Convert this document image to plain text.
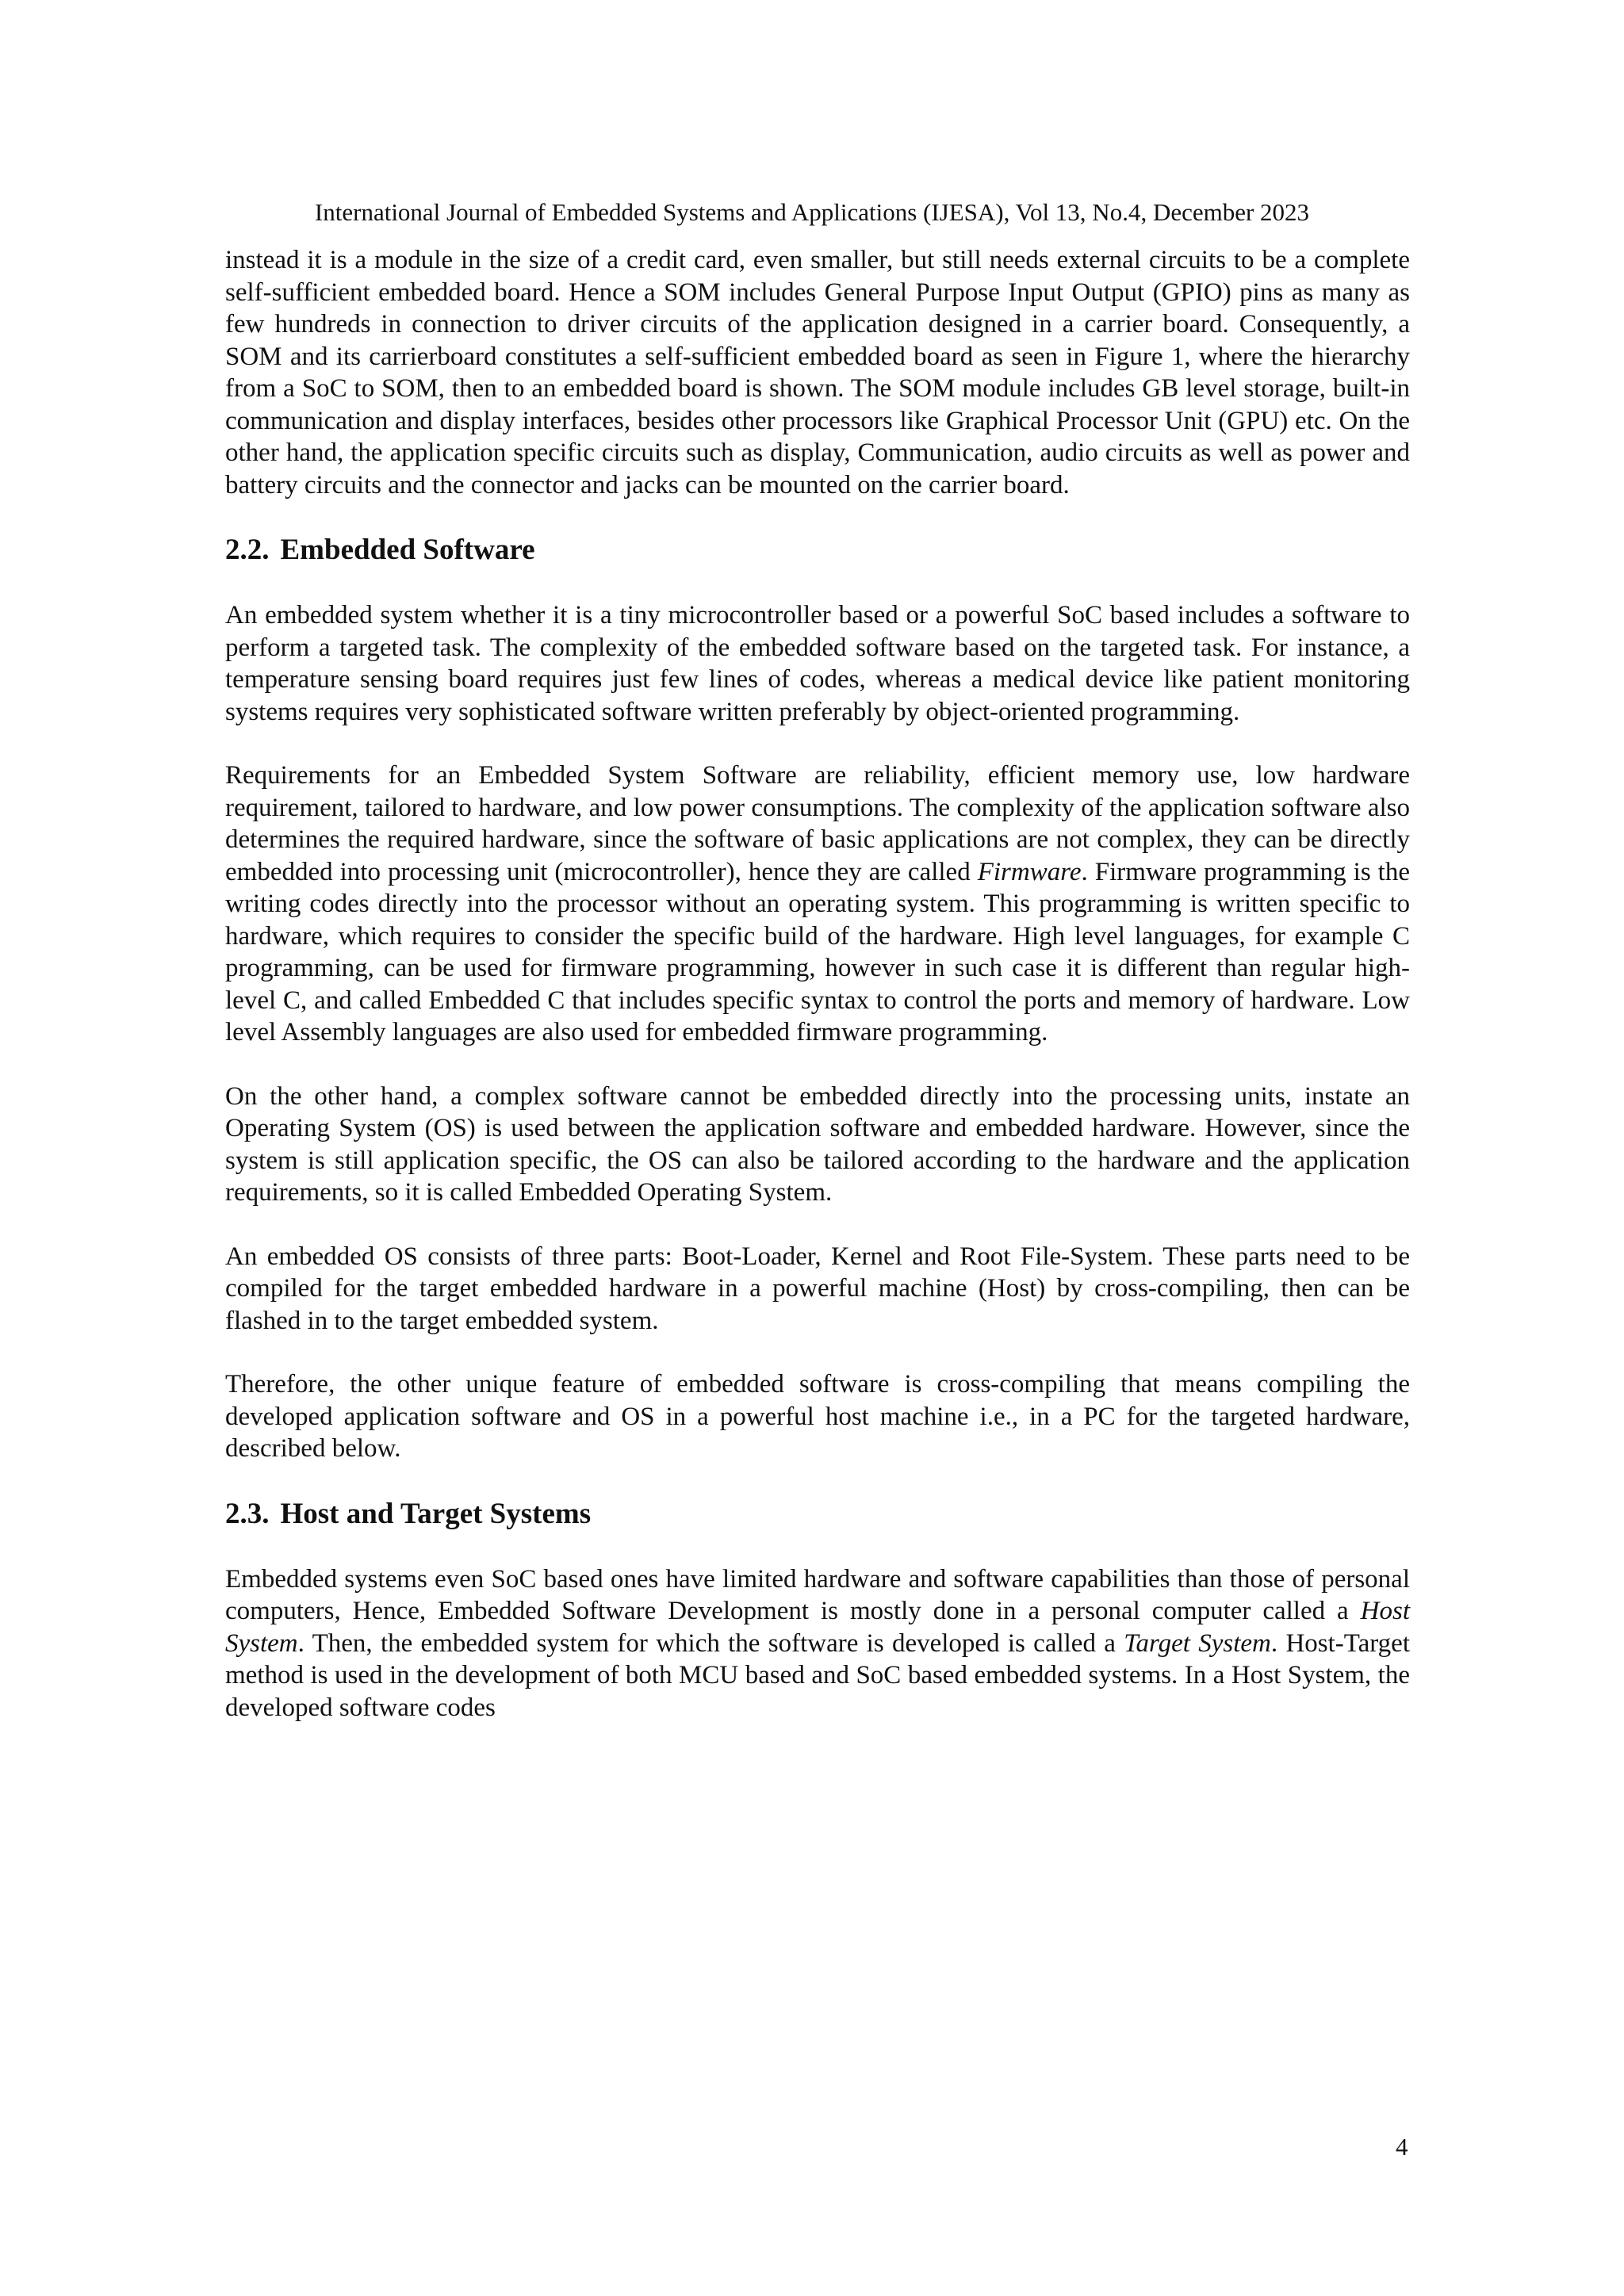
International Journal of Embedded Systems and Applications (IJESA), Vol 13, No.4, December 2023

instead it is a module in the size of a credit card, even smaller, but still needs external circuits to be a complete self-sufficient embedded board. Hence a SOM includes General Purpose Input Output (GPIO) pins as many as few hundreds in connection to driver circuits of the application designed in a carrier board. Consequently, a SOM and its carrierboard constitutes a self-sufficient embedded board as seen in Figure 1, where the hierarchy from a SoC to SOM, then to an embedded board is shown. The SOM module includes GB level storage, built-in communication and display interfaces, besides other processors like Graphical Processor Unit (GPU) etc. On the other hand, the application specific circuits such as display, Communication, audio circuits as well as power and battery circuits and the connector and jacks can be mounted on the carrier board.

2.2. Embedded Software

An embedded system whether it is a tiny microcontroller based or a powerful SoC based includes a software to perform a targeted task. The complexity of the embedded software based on the targeted task. For instance, a temperature sensing board requires just few lines of codes, whereas a medical device like patient monitoring systems requires very sophisticated software written preferably by object-oriented programming.

Requirements for an Embedded System Software are reliability, efficient memory use, low hardware requirement, tailored to hardware, and low power consumptions. The complexity of the application software also determines the required hardware, since the software of basic applications are not complex, they can be directly embedded into processing unit (microcontroller), hence they are called Firmware. Firmware programming is the writing codes directly into the processor without an operating system. This programming is written specific to hardware, which requires to consider the specific build of the hardware. High level languages, for example C programming, can be used for firmware programming, however in such case it is different than regular high-level C, and called Embedded C that includes specific syntax to control the ports and memory of hardware. Low level Assembly languages are also used for embedded firmware programming.

On the other hand, a complex software cannot be embedded directly into the processing units, instate an Operating System (OS) is used between the application software and embedded hardware. However, since the system is still application specific, the OS can also be tailored according to the hardware and the application requirements, so it is called Embedded Operating System.

An embedded OS consists of three parts: Boot-Loader, Kernel and Root File-System. These parts need to be compiled for the target embedded hardware in a powerful machine (Host) by cross-compiling, then can be flashed in to the target embedded system.

Therefore, the other unique feature of embedded software is cross-compiling that means compiling the developed application software and OS in a powerful host machine i.e., in a PC for the targeted hardware, described below.

2.3. Host and Target Systems

Embedded systems even SoC based ones have limited hardware and software capabilities than those of personal computers, Hence, Embedded Software Development is mostly done in a personal computer called a Host System. Then, the embedded system for which the software is developed is called a Target System. Host-Target method is used in the development of both MCU based and SoC based embedded systems. In a Host System, the developed software codes

4
